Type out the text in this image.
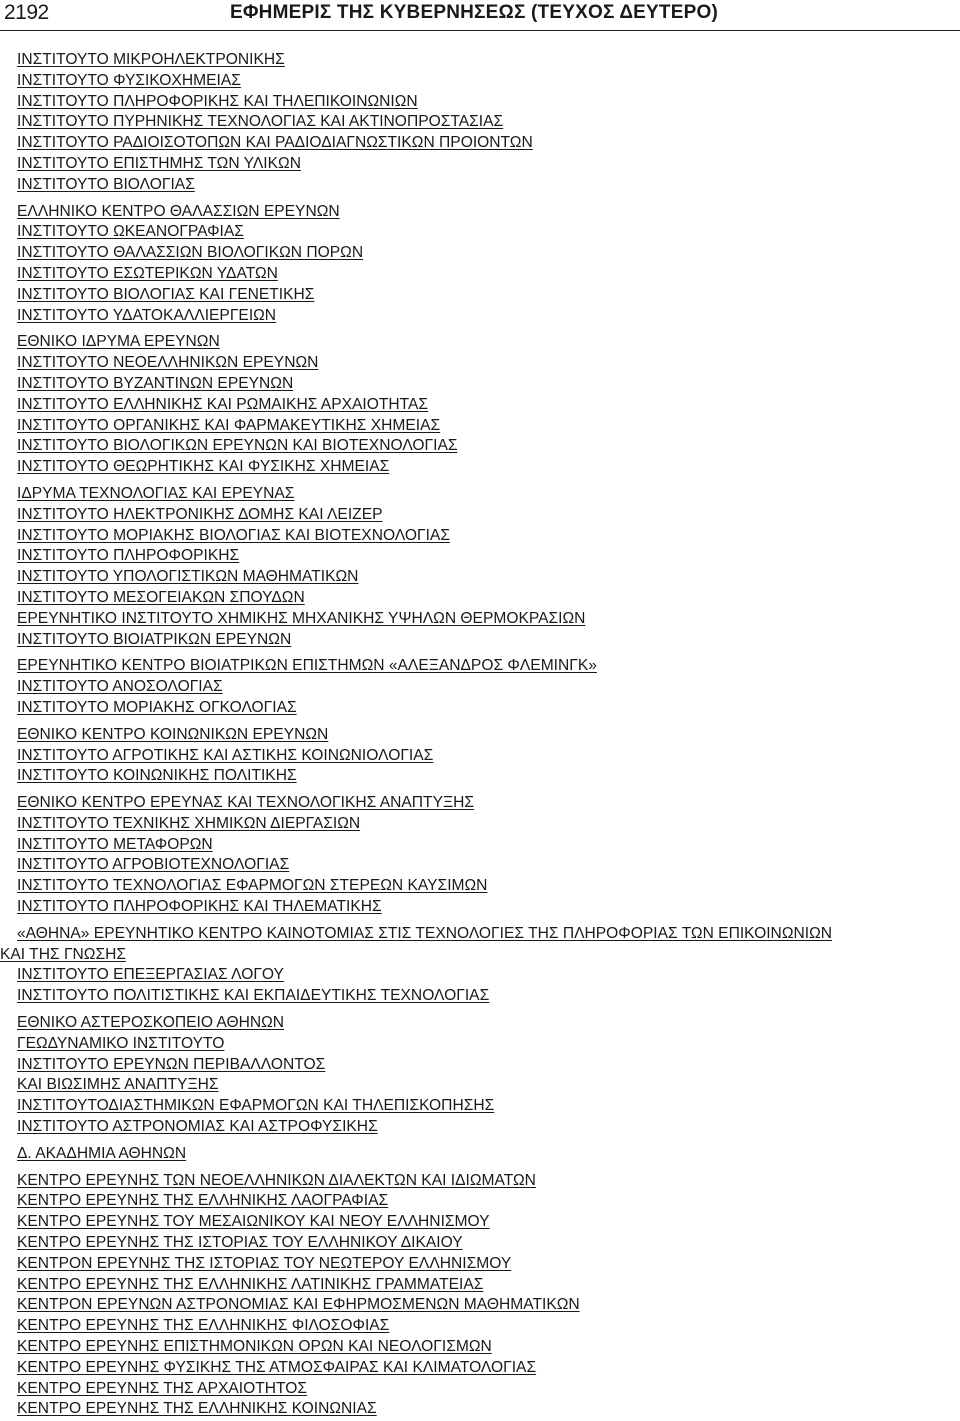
2192	ΕΦΗΜΕΡΙΣ ΤΗΣ ΚΥΒΕΡΝΗΣΕΩΣ (ΤΕΥΧΟΣ ΔΕΥΤΕΡΟ)
ΙΝΣΤΙΤΟΥΤΟ ΜΙΚΡΟΗΛΕΚΤΡΟΝΙΚΗΣ
ΙΝΣΤΙΤΟΥΤΟ ΦΥΣΙΚΟΧΗΜΕΙΑΣ
ΙΝΣΤΙΤΟΥΤΟ ΠΛΗΡΟΦΟΡΙΚΗΣ ΚΑΙ ΤΗΛΕΠΙΚΟΙΝΩΝΙΩΝ
ΙΝΣΤΙΤΟΥΤΟ ΠΥΡΗΝΙΚΗΣ ΤΕΧΝΟΛΟΓΙΑΣ ΚΑΙ ΑΚΤΙΝΟΠΡΟΣΤΑΣΙΑΣ
ΙΝΣΤΙΤΟΥΤΟ ΡΑΔΙΟΙΣΟΤΟΠΩΝ ΚΑΙ ΡΑΔΙΟΔΙΑΓΝΩΣΤΙΚΩΝ ΠΡΟΙΟΝΤΩΝ
ΙΝΣΤΙΤΟΥΤΟ ΕΠΙΣΤΗΜΗΣ ΤΩΝ ΥΛΙΚΩΝ
ΙΝΣΤΙΤΟΥΤΟ ΒΙΟΛΟΓΙΑΣ
ΕΛΛΗΝΙΚΟ ΚΕΝΤΡΟ ΘΑΛΑΣΣΙΩΝ ΕΡΕΥΝΩΝ
ΙΝΣΤΙΤΟΥΤΟ ΩΚΕΑΝΟΓΡΑΦΙΑΣ
ΙΝΣΤΙΤΟΥΤΟ ΘΑΛΑΣΣΙΩΝ ΒΙΟΛΟΓΙΚΩΝ ΠΟΡΩΝ
ΙΝΣΤΙΤΟΥΤΟ ΕΣΩΤΕΡΙΚΩΝ ΥΔΑΤΩΝ
ΙΝΣΤΙΤΟΥΤΟ ΒΙΟΛΟΓΙΑΣ ΚΑΙ ΓΕΝΕΤΙΚΗΣ
ΙΝΣΤΙΤΟΥΤΟ ΥΔΑΤΟΚΑΛΛΙΕΡΓΕΙΩΝ
ΕΘΝΙΚΟ ΙΔΡΥΜΑ ΕΡΕΥΝΩΝ
ΙΝΣΤΙΤΟΥΤΟ ΝΕΟΕΛΛΗΝΙΚΩΝ ΕΡΕΥΝΩΝ
ΙΝΣΤΙΤΟΥΤΟ ΒΥΖΑΝΤΙΝΩΝ ΕΡΕΥΝΩΝ
ΙΝΣΤΙΤΟΥΤΟ ΕΛΛΗΝΙΚΗΣ ΚΑΙ ΡΩΜΑΙΚΗΣ ΑΡΧΑΙΟΤΗΤΑΣ
ΙΝΣΤΙΤΟΥΤΟ ΟΡΓΑΝΙΚΗΣ ΚΑΙ ΦΑΡΜΑΚΕΥΤΙΚΗΣ ΧΗΜΕΙΑΣ
ΙΝΣΤΙΤΟΥΤΟ ΒΙΟΛΟΓΙΚΩΝ ΕΡΕΥΝΩΝ ΚΑΙ ΒΙΟΤΕΧΝΟΛΟΓΙΑΣ
ΙΝΣΤΙΤΟΥΤΟ ΘΕΩΡΗΤΙΚΗΣ ΚΑΙ ΦΥΣΙΚΗΣ ΧΗΜΕΙΑΣ
ΙΔΡΥΜΑ ΤΕΧΝΟΛΟΓΙΑΣ ΚΑΙ ΕΡΕΥΝΑΣ
ΙΝΣΤΙΤΟΥΤΟ ΗΛΕΚΤΡΟΝΙΚΗΣ ΔΟΜΗΣ ΚΑΙ ΛΕΙΖΕΡ
ΙΝΣΤΙΤΟΥΤΟ ΜΟΡΙΑΚΗΣ ΒΙΟΛΟΓΙΑΣ ΚΑΙ ΒΙΟΤΕΧΝΟΛΟΓΙΑΣ
ΙΝΣΤΙΤΟΥΤΟ ΠΛΗΡΟΦΟΡΙΚΗΣ
ΙΝΣΤΙΤΟΥΤΟ ΥΠΟΛΟΓΙΣΤΙΚΩΝ ΜΑΘΗΜΑΤΙΚΩΝ
ΙΝΣΤΙΤΟΥΤΟ ΜΕΣΟΓΕΙΑΚΩΝ ΣΠΟΥΔΩΝ
ΕΡΕΥΝΗΤΙΚΟ ΙΝΣΤΙΤΟΥΤΟ ΧΗΜΙΚΗΣ ΜΗΧΑΝΙΚΗΣ ΥΨΗΛΩΝ ΘΕΡΜΟΚΡΑΣΙΩΝ
ΙΝΣΤΙΤΟΥΤΟ ΒΙΟΙΑΤΡΙΚΩΝ ΕΡΕΥΝΩΝ
ΕΡΕΥΝΗΤΙΚΟ ΚΕΝΤΡΟ ΒΙΟΙΑΤΡΙΚΩΝ ΕΠΙΣΤΗΜΩΝ «ΑΛΕΞΑΝΔΡΟΣ ΦΛΕΜΙΝΓΚ»
ΙΝΣΤΙΤΟΥΤΟ ΑΝΟΣΟΛΟΓΙΑΣ
ΙΝΣΤΙΤΟΥΤΟ ΜΟΡΙΑΚΗΣ ΟΓΚΟΛΟΓΙΑΣ
ΕΘΝΙΚΟ ΚΕΝΤΡΟ ΚΟΙΝΩΝΙΚΩΝ ΕΡΕΥΝΩΝ
ΙΝΣΤΙΤΟΥΤΟ ΑΓΡΟΤΙΚΗΣ ΚΑΙ ΑΣΤΙΚΗΣ ΚΟΙΝΩΝΙΟΛΟΓΙΑΣ
ΙΝΣΤΙΤΟΥΤΟ ΚΟΙΝΩΝΙΚΗΣ ΠΟΛΙΤΙΚΗΣ
ΕΘΝΙΚΟ ΚΕΝΤΡΟ ΕΡΕΥΝΑΣ ΚΑΙ ΤΕΧΝΟΛΟΓΙΚΗΣ ΑΝΑΠΤΥΞΗΣ
ΙΝΣΤΙΤΟΥΤΟ ΤΕΧΝΙΚΗΣ ΧΗΜΙΚΩΝ ΔΙΕΡΓΑΣΙΩΝ
ΙΝΣΤΙΤΟΥΤΟ ΜΕΤΑΦΟΡΩΝ
ΙΝΣΤΙΤΟΥΤΟ ΑΓΡΟΒΙΟΤΕΧΝΟΛΟΓΙΑΣ
ΙΝΣΤΙΤΟΥΤΟ ΤΕΧΝΟΛΟΓΙΑΣ ΕΦΑΡΜΟΓΩΝ ΣΤΕΡΕΩΝ ΚΑΥΣΙΜΩΝ
ΙΝΣΤΙΤΟΥΤΟ ΠΛΗΡΟΦΟΡΙΚΗΣ ΚΑΙ ΤΗΛΕΜΑΤΙΚΗΣ
«ΑΘΗΝΑ» ΕΡΕΥΝΗΤΙΚΟ ΚΕΝΤΡΟ ΚΑΙΝΟΤΟΜΙΑΣ ΣΤΙΣ ΤΕΧΝΟΛΟΓΙΕΣ ΤΗΣ ΠΛΗΡΟΦΟΡΙΑΣ ΤΩΝ ΕΠΙΚΟΙΝΩΝΙΩΝ
ΚΑΙ ΤΗΣ ΓΝΩΣΗΣ
ΙΝΣΤΙΤΟΥΤΟ ΕΠΕΞΕΡΓΑΣΙΑΣ ΛΟΓΟΥ
ΙΝΣΤΙΤΟΥΤΟ ΠΟΛΙΤΙΣΤΙΚΗΣ ΚΑΙ ΕΚΠΑΙΔΕΥΤΙΚΗΣ ΤΕΧΝΟΛΟΓΙΑΣ
ΕΘΝΙΚΟ ΑΣΤΕΡΟΣΚΟΠΕΙΟ ΑΘΗΝΩΝ
ΓΕΩΔΥΝΑΜΙΚΟ ΙΝΣΤΙΤΟΥΤΟ
ΙΝΣΤΙΤΟΥΤΟ ΕΡΕΥΝΩΝ ΠΕΡΙΒΑΛΛΟΝΤΟΣ
ΚΑΙ ΒΙΩΣΙΜΗΣ ΑΝΑΠΤΥΞΗΣ
ΙΝΣΤΙΤΟΥΤΟΔΙΑΣΤΗΜΙΚΩΝ ΕΦΑΡΜΟΓΩΝ ΚΑΙ ΤΗΛΕΠΙΣΚΟΠΗΣΗΣ
ΙΝΣΤΙΤΟΥΤΟ ΑΣΤΡΟΝΟΜΙΑΣ ΚΑΙ ΑΣΤΡΟΦΥΣΙΚΗΣ
Δ. ΑΚΑΔΗΜΙΑ ΑΘΗΝΩΝ
ΚΕΝΤΡΟ ΕΡΕΥΝΗΣ ΤΩΝ ΝΕΟΕΛΛΗΝΙΚΩΝ ΔΙΑΛΕΚΤΩΝ ΚΑΙ ΙΔΙΩΜΑΤΩΝ
ΚΕΝΤΡΟ ΕΡΕΥΝΗΣ ΤΗΣ ΕΛΛΗΝΙΚΗΣ ΛΑΟΓΡΑΦΙΑΣ
ΚΕΝΤΡΟ ΕΡΕΥΝΗΣ ΤΟΥ ΜΕΣΑΙΩΝΙΚΟΥ ΚΑΙ ΝΕΟΥ ΕΛΛΗΝΙΣΜΟΥ
ΚΕΝΤΡΟ ΕΡΕΥΝΗΣ ΤΗΣ ΙΣΤΟΡΙΑΣ ΤΟΥ ΕΛΛΗΝΙΚΟΥ ΔΙΚΑΙΟΥ
ΚΕΝΤΡΟΝ ΕΡΕΥΝΗΣ ΤΗΣ ΙΣΤΟΡΙΑΣ ΤΟΥ ΝΕΩΤΕΡΟΥ ΕΛΛΗΝΙΣΜΟΥ
ΚΕΝΤΡΟ ΕΡΕΥΝΗΣ ΤΗΣ ΕΛΛΗΝΙΚΗΣ ΛΑΤΙΝΙΚΗΣ ΓΡΑΜΜΑΤΕΙΑΣ
ΚΕΝΤΡΟΝ ΕΡΕΥΝΩΝ ΑΣΤΡΟΝΟΜΙΑΣ ΚΑΙ ΕΦΗΡΜΟΣΜΕΝΩΝ ΜΑΘΗΜΑΤΙΚΩΝ
ΚΕΝΤΡΟ ΕΡΕΥΝΗΣ ΤΗΣ ΕΛΛΗΝΙΚΗΣ ΦΙΛΟΣΟΦΙΑΣ
ΚΕΝΤΡΟ ΕΡΕΥΝΗΣ ΕΠΙΣΤΗΜΟΝΙΚΩΝ ΟΡΩΝ ΚΑΙ ΝΕΟΛΟΓΙΣΜΩΝ
ΚΕΝΤΡΟ ΕΡΕΥΝΗΣ ΦΥΣΙΚΗΣ ΤΗΣ ΑΤΜΟΣΦΑΙΡΑΣ ΚΑΙ ΚΛΙΜΑΤΟΛΟΓΙΑΣ
ΚΕΝΤΡΟ ΕΡΕΥΝΗΣ ΤΗΣ ΑΡΧΑΙΟΤΗΤΟΣ
ΚΕΝΤΡΟ ΕΡΕΥΝΗΣ ΤΗΣ ΕΛΛΗΝΙΚΗΣ ΚΟΙΝΩΝΙΑΣ
